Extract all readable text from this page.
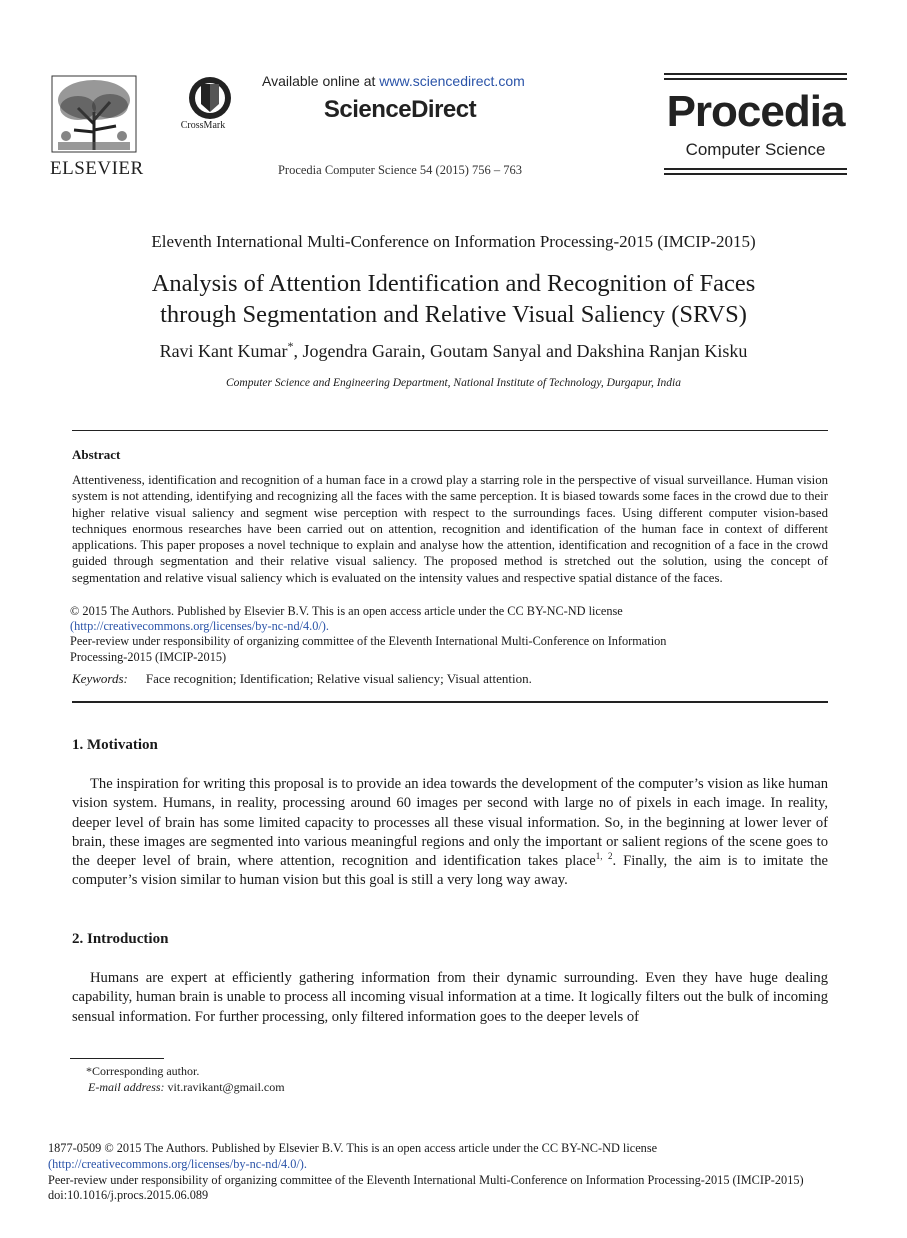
ELSEVIER
CrossMark
Available online at www.sciencedirect.com
ScienceDirect
Procedia Computer Science 54 (2015) 756 – 763
Procedia
Computer Science
Eleventh International Multi-Conference on Information Processing-2015 (IMCIP-2015)
Analysis of Attention Identification and Recognition of Faces
through Segmentation and Relative Visual Saliency (SRVS)
Ravi Kant Kumar*, Jogendra Garain, Goutam Sanyal and Dakshina Ranjan Kisku
Computer Science and Engineering Department, National Institute of Technology, Durgapur, India
Abstract
Attentiveness, identification and recognition of a human face in a crowd play a starring role in the perspective of visual surveillance. Human vision system is not attending, identifying and recognizing all the faces with the same perception. It is biased towards some faces in the crowd due to their higher relative visual saliency and segment wise perception with respect to the surroundings faces. Using different computer vision-based techniques enormous researches have been carried out on attention, recognition and identification of the human face in context of different applications. This paper proposes a novel technique to explain and analyse how the attention, identification and recognition of a face in the crowd guided through segmentation and their relative visual saliency. The proposed method is stretched out the solution, using the concept of segmentation and relative visual saliency which is evaluated on the intensity values and respective spatial distance of the faces.
© 2015 The Authors. Published by Elsevier B.V. This is an open access article under the CC BY-NC-ND license
(http://creativecommons.org/licenses/by-nc-nd/4.0/).
Peer-review under responsibility of organizing committee of the Eleventh International Multi-Conference on Information
Processing-2015 (IMCIP-2015)
Keywords: Face recognition; Identification; Relative visual saliency; Visual attention.
1. Motivation
The inspiration for writing this proposal is to provide an idea towards the development of the computer’s vision as like human vision system. Humans, in reality, processing around 60 images per second with large no of pixels in each image. In reality, deeper level of brain has some limited capacity to processes all these visual information. So, in the beginning at lower lever of brain, these images are segmented into various meaningful regions and only the important or salient regions of the scene goes to the deeper level of brain, where attention, recognition and identification takes place$^{1, 2}$. Finally, the aim is to imitate the computer’s vision similar to human vision but this goal is still a very long way away.
2. Introduction
Humans are expert at efficiently gathering information from their dynamic surrounding. Even they have huge dealing capability, human brain is unable to process all incoming visual information at a time. It logically filters out the bulk of incoming sensual information. For further processing, only filtered information goes to the deeper levels of
*Corresponding author.
E-mail address: vit.ravikant@gmail.com
1877-0509 © 2015 The Authors. Published by Elsevier B.V. This is an open access article under the CC BY-NC-ND license
(http://creativecommons.org/licenses/by-nc-nd/4.0/).
Peer-review under responsibility of organizing committee of the Eleventh International Multi-Conference on Information Processing-2015 (IMCIP-2015)
doi:10.1016/j.procs.2015.06.089
